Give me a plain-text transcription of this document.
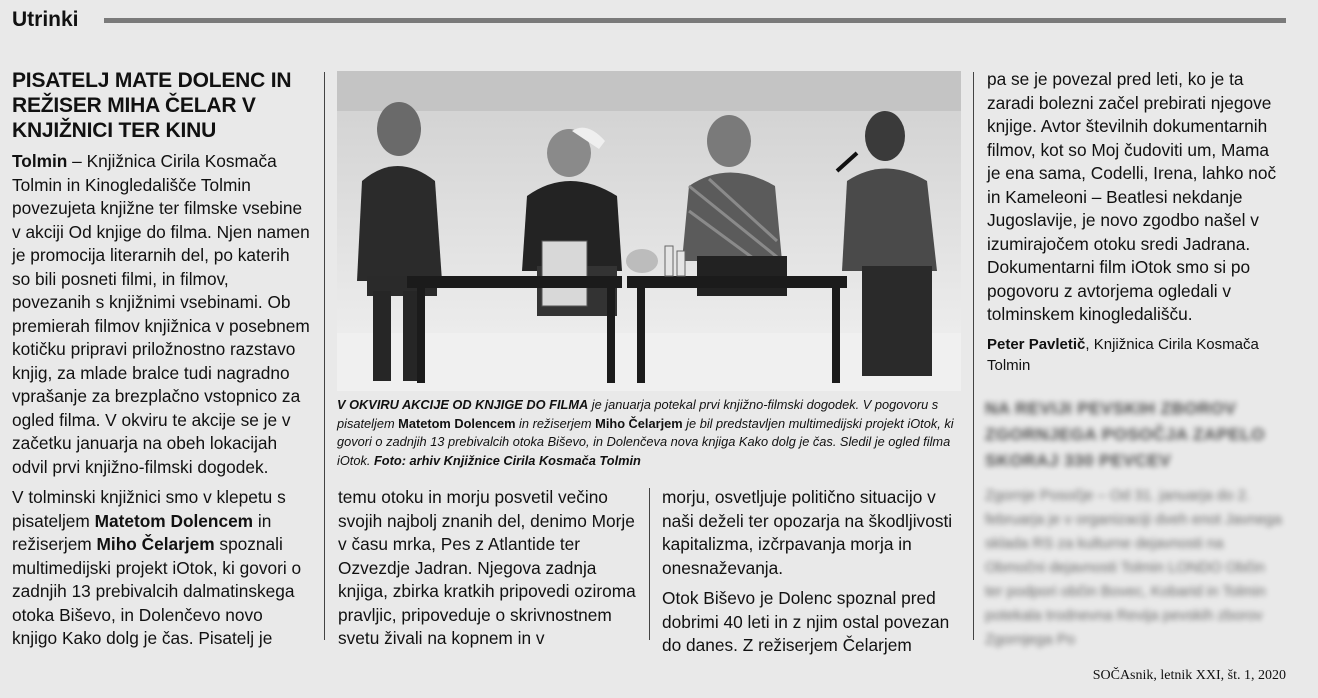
Utrinki
PISATELJ MATE DOLENC IN REŽISER MIHA ČELAR V KNJIŽNICI TER KINU

Tolmin – Knjižnica Cirila Kosmača Tolmin in Kinogledališče Tolmin povezujeta knjižne ter filmske vsebine v akciji Od knjige do filma. Njen namen je promocija literarnih del, po katerih so bili posneti filmi, in filmov, povezanih s knjižnimi vsebinami. Ob premierah filmov knjižnica v posebnem kotičku pripravi priložnostno razstavo knjig, za mlade bralce tudi nagradno vprašanje za brezplačno vstopnico za ogled filma. V okviru te akcije se je v začetku januarja na obeh lokacijah odvil prvi knjižno-filmski dogodek.

V tolminski knjižnici smo v klepetu s pisateljem Matetom Dolencem in režiserjem Miho Čelarjem spoznali multimedijski projekt iOtok, ki govori o zadnjih 13 prebivalcih dalmatinskega otoka Biševo, in Dolenčevo novo knjigo Kako dolg je čas. Pisatelj je

V OKVIRU AKCIJE OD KNJIGE DO FILMA je januarja potekal prvi knjižno-filmski dogodek. V pogovoru s pisateljem Matetom Dolencem in režiserjem Miho Čelarjem je bil predstavljen multimedijski projekt iOtok, ki govori o zadnjih 13 prebivalcih otoka Biševo, in Dolenčeva nova knjiga Kako dolg je čas. Sledil je ogled filma iOtok. Foto: arhiv Knjižnice Cirila Kosmača Tolmin

temu otoku in morju posvetil večino svojih najbolj znanih del, denimo Morje v času mrka, Pes z Atlantide ter Ozvezdje Jadran. Njegova zadnja knjiga, zbirka kratkih pripovedi oziroma pravljic, pripoveduje o skrivnostnem svetu živali na kopnem in v

morju, osvetljuje politično situacijo v naši deželi ter opozarja na škodljivosti kapitalizma, izčrpavanja morja in onesnaževanja.

Otok Biševo je Dolenc spoznal pred dobrimi 40 leti in z njim ostal povezan do danes. Z režiserjem Čelarjem

pa se je povezal pred leti, ko je ta zaradi bolezni začel prebirati njegove knjige. Avtor številnih dokumentarnih filmov, kot so Moj čudoviti um, Mama je ena sama, Codelli, Irena, lahko noč in Kameleoni – Beatlesi nekdanje Jugoslavije, je novo zgodbo našel v izumirajočem otoku sredi Jadrana. Dokumentarni film iOtok smo si po pogovoru z avtorjema ogledali v tolminskem kinogledališču.

Peter Pavletič, Knjižnica Cirila Kosmača Tolmin

NA REVIJI PEVSKIH ZBOROV ZGORNJEGA POSOČJA ZAPELO SKORAJ 330 PEVCEV
Zgornje Posočje – Od 31. januarja do 2. februarja je v organizaciji dveh enot Javnega sklada RS za kulturne dejavnosti na Območni dejavnosti Tolmin LONDO Občin ter podpori občin Bovec, Kobarid in Tolmin potekala trodnevna Revija pevskih zborov Zgornjega Po
SOČAsnik, letnik XXI, št. 1, 2020
